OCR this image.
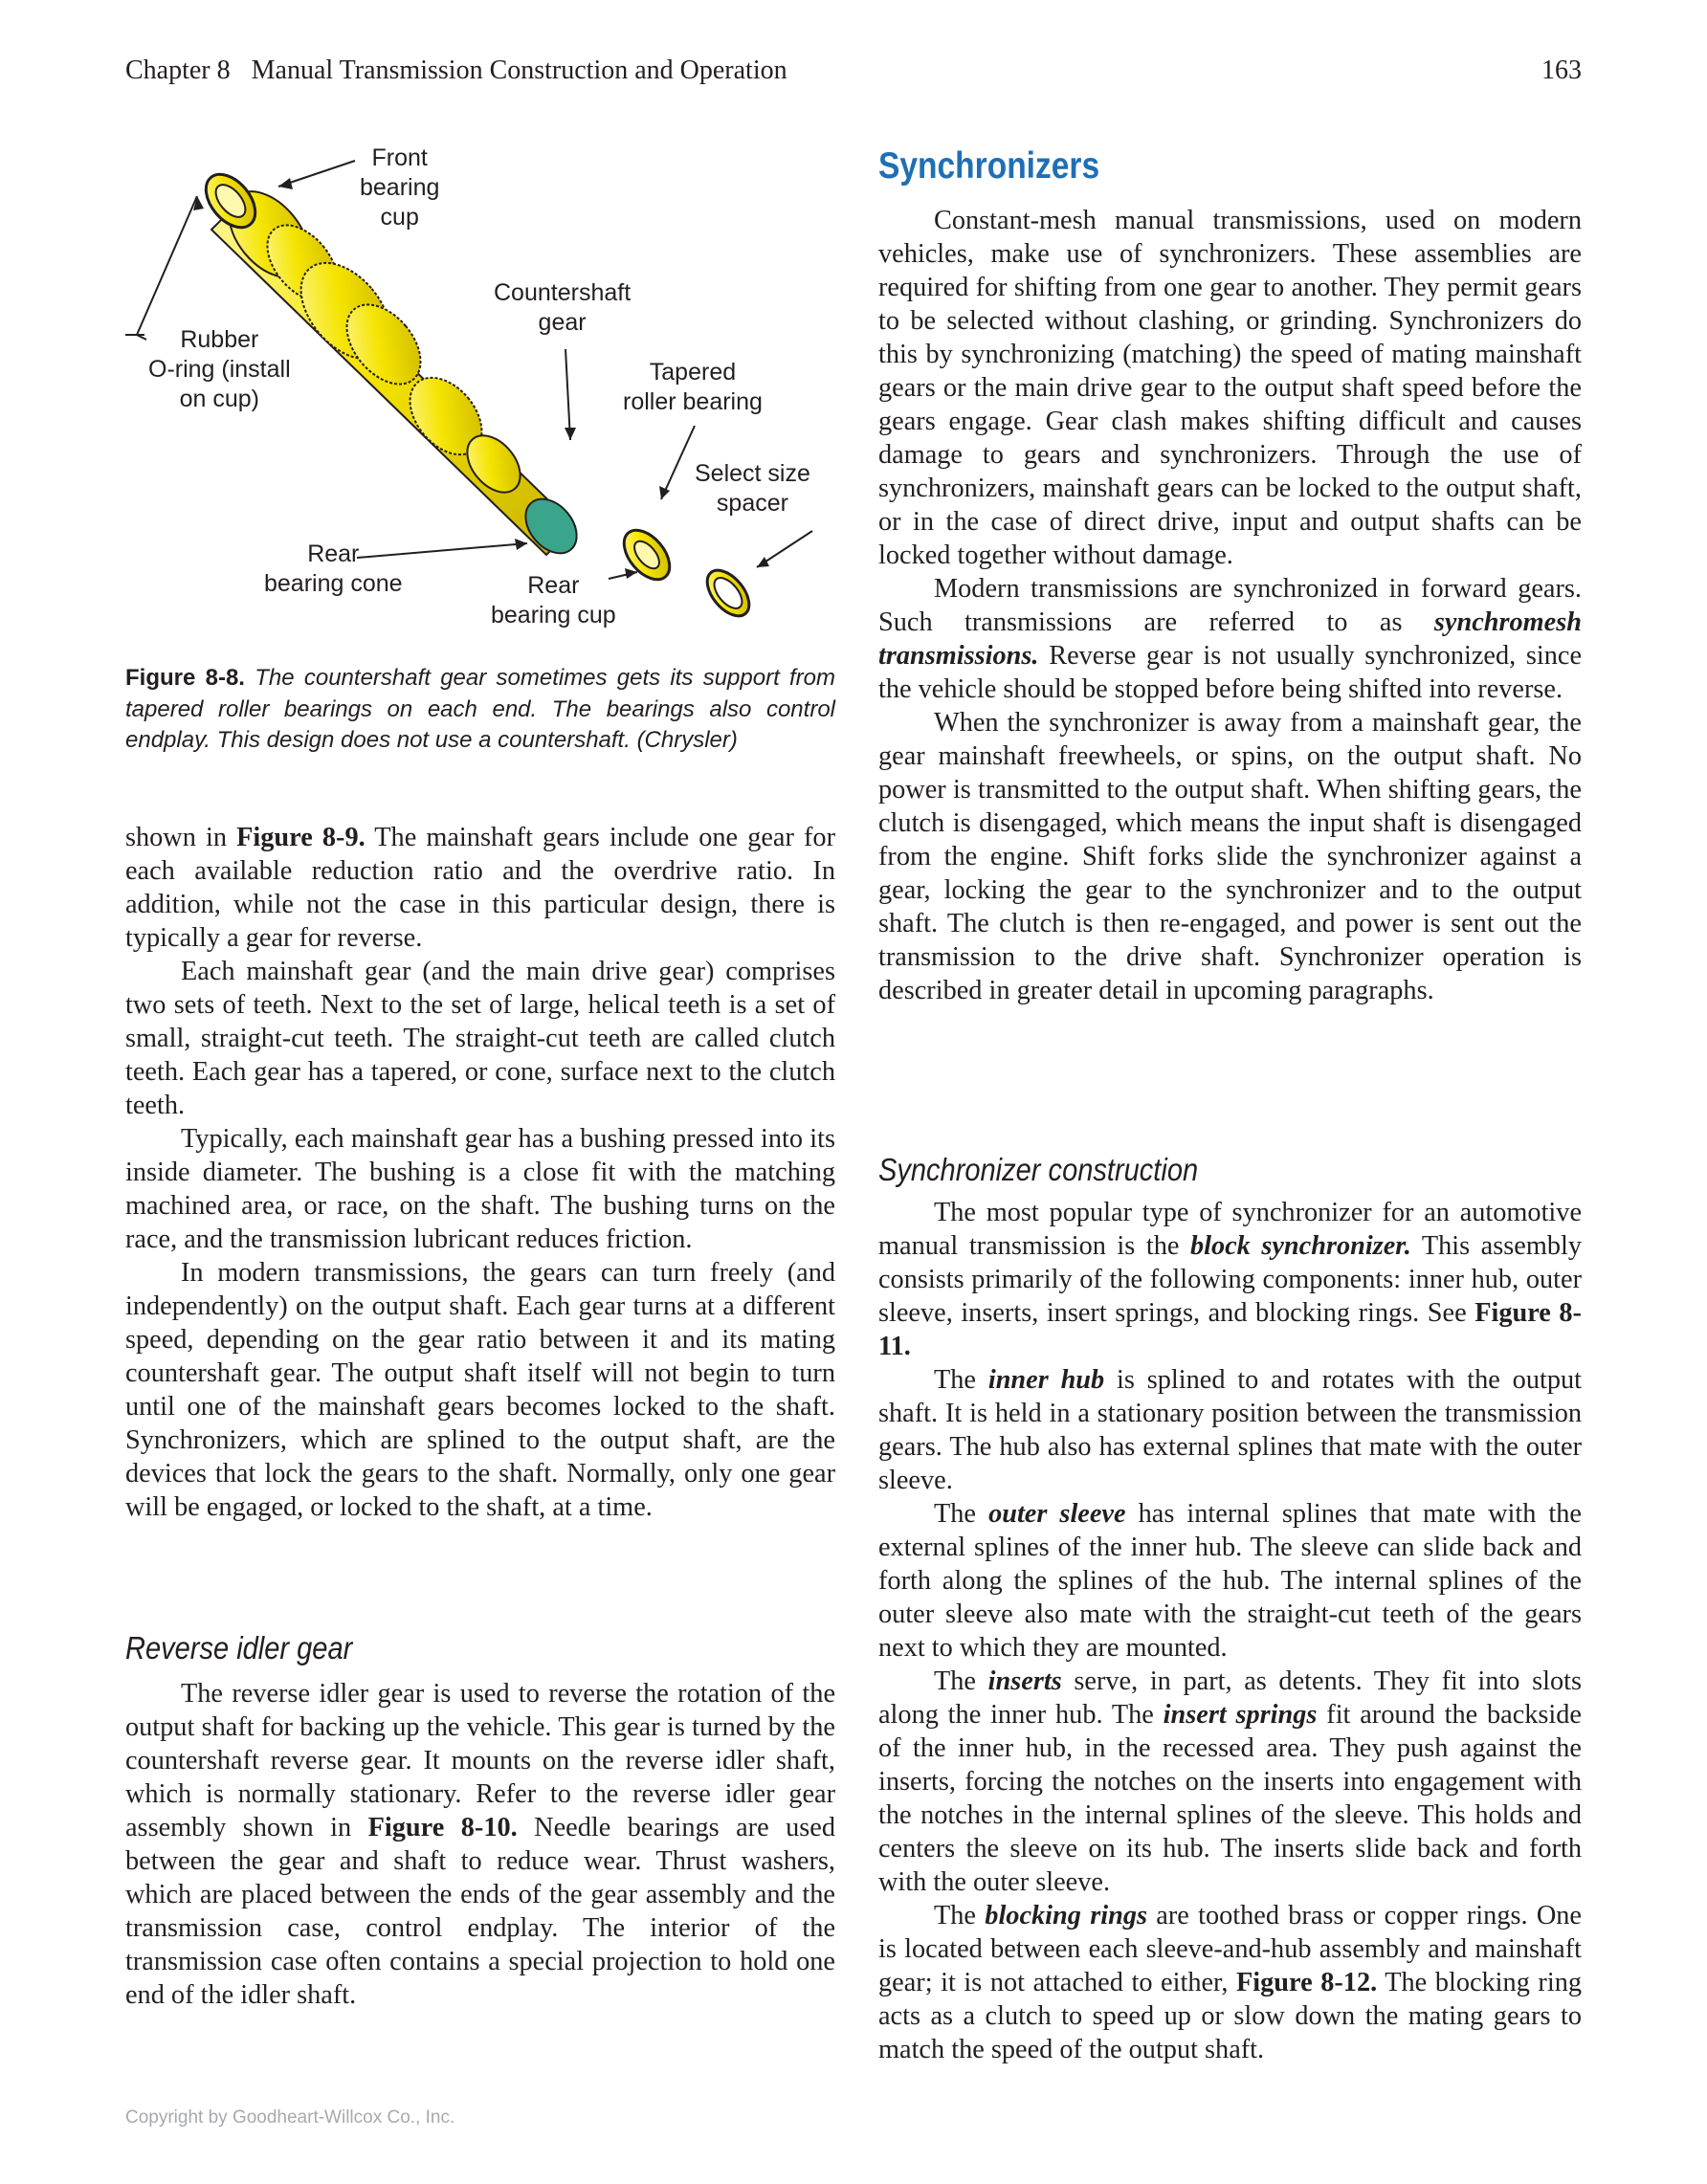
Chapter 8 Manual Transmission Construction and Operation	163
Front
bearing
cup
Countershaft
gear
Rubber
O-ring (install
on cup)
Tapered
roller bearing
Select size
spacer
Rear
bearing cone	Rear
bearing cup
Figure 8-8. The countershaft gear sometimes gets its support from tapered roller bearings on each end. The bearings also control endplay. This design does not use a countershaft. (Chrysler)

shown in Figure 8-9. The mainshaft gears include one gear for each available reduction ratio and the overdrive ratio. In addition, while not the case in this particular design, there is typically a gear for reverse.

Each mainshaft gear (and the main drive gear) comprises two sets of teeth. Next to the set of large, helical teeth is a set of small, straight-cut teeth. The straight-cut teeth are called clutch teeth. Each gear has a tapered, or cone, surface next to the clutch teeth.

Typically, each mainshaft gear has a bushing pressed into its inside diameter. The bushing is a close fit with the matching machined area, or race, on the shaft. The bushing turns on the race, and the transmission lubricant reduces friction.

In modern transmissions, the gears can turn freely (and independently) on the output shaft. Each gear turns at a different speed, depending on the gear ratio between it and its mating countershaft gear. The output shaft itself will not begin to turn until one of the mainshaft gears becomes locked to the shaft. Synchronizers, which are splined to the output shaft, are the devices that lock the gears to the shaft. Normally, only one gear will be engaged, or locked to the shaft, at a time.

Reverse idler gear

The reverse idler gear is used to reverse the rotation of the output shaft for backing up the vehicle. This gear is turned by the countershaft reverse gear. It mounts on the reverse idler shaft, which is normally stationary. Refer to the reverse idler gear assembly shown in Figure 8-10. Needle bearings are used between the gear and shaft to reduce wear. Thrust washers, which are placed between the ends of the gear assembly and the transmission case, control endplay. The interior of the transmission case often contains a special projection to hold one end of the idler shaft.

Synchronizers

Constant-mesh manual transmissions, used on modern vehicles, make use of synchronizers. These assemblies are required for shifting from one gear to another. They permit gears to be selected without clashing, or grinding. Synchronizers do this by synchronizing (matching) the speed of mating mainshaft gears or the main drive gear to the output shaft speed before the gears engage. Gear clash makes shifting difficult and causes damage to gears and synchronizers. Through the use of synchronizers, mainshaft gears can be locked to the output shaft, or in the case of direct drive, input and output shafts can be locked together without damage.

Modern transmissions are synchronized in forward gears. Such transmissions are referred to as synchromesh transmissions. Reverse gear is not usually synchronized, since the vehicle should be stopped before being shifted into reverse.

When the synchronizer is away from a mainshaft gear, the gear mainshaft freewheels, or spins, on the output shaft. No power is transmitted to the output shaft. When shifting gears, the clutch is disengaged, which means the input shaft is disengaged from the engine. Shift forks slide the synchronizer against a gear, locking the gear to the synchronizer and to the output shaft. The clutch is then re-engaged, and power is sent out the transmission to the drive shaft. Synchronizer operation is described in greater detail in upcoming paragraphs.

Synchronizer construction

The most popular type of synchronizer for an automotive manual transmission is the block synchronizer. This assembly consists primarily of the following components: inner hub, outer sleeve, inserts, insert springs, and blocking rings. See Figure 8-11.

The inner hub is splined to and rotates with the output shaft. It is held in a stationary position between the transmission gears. The hub also has external splines that mate with the outer sleeve.

The outer sleeve has internal splines that mate with the external splines of the inner hub. The sleeve can slide back and forth along the splines of the hub. The internal splines of the outer sleeve also mate with the straight-cut teeth of the gears next to which they are mounted.

The inserts serve, in part, as detents. They fit into slots along the inner hub. The insert springs fit around the backside of the inner hub, in the recessed area. They push against the inserts, forcing the notches on the inserts into engagement with the notches in the internal splines of the sleeve. This holds and centers the sleeve on its hub. The inserts slide back and forth with the outer sleeve.

The blocking rings are toothed brass or copper rings. One is located between each sleeve-and-hub assembly and mainshaft gear; it is not attached to either, Figure 8-12. The blocking ring acts as a clutch to speed up or slow down the mating gears to match the speed of the output shaft.

Copyright by Goodheart-Willcox Co., Inc.
